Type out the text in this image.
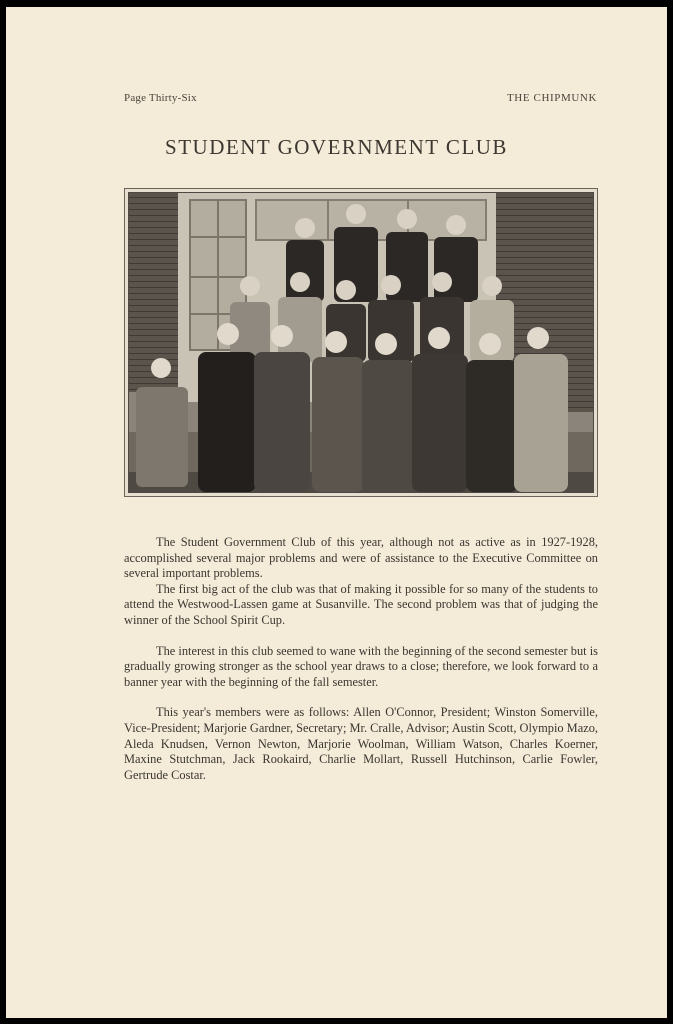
Page Thirty-Six	THE CHIPMUNK
STUDENT GOVERNMENT CLUB

The Student Government Club of this year, although not as active as in 1927-1928, accomplished several major problems and were of assistance to the Executive Committee on several important problems.

The first big act of the club was that of making it possible for so many of the students to attend the Westwood-Lassen game at Susanville. The second problem was that of judging the winner of the School Spirit Cup.

The interest in this club seemed to wane with the beginning of the second semester but is gradually growing stronger as the school year draws to a close; therefore, we look forward to a banner year with the beginning of the fall semester.

This year's members were as follows: Allen O'Connor, President; Winston Somerville, Vice-President; Marjorie Gardner, Secretary; Mr. Cralle, Advisor; Austin Scott, Olympio Mazo, Aleda Knudsen, Vernon Newton, Marjorie Woolman, William Watson, Charles Koerner, Maxine Stutchman, Jack Rookaird, Charlie Mollart, Russell Hutchinson, Carlie Fowler, Gertrude Costar.
